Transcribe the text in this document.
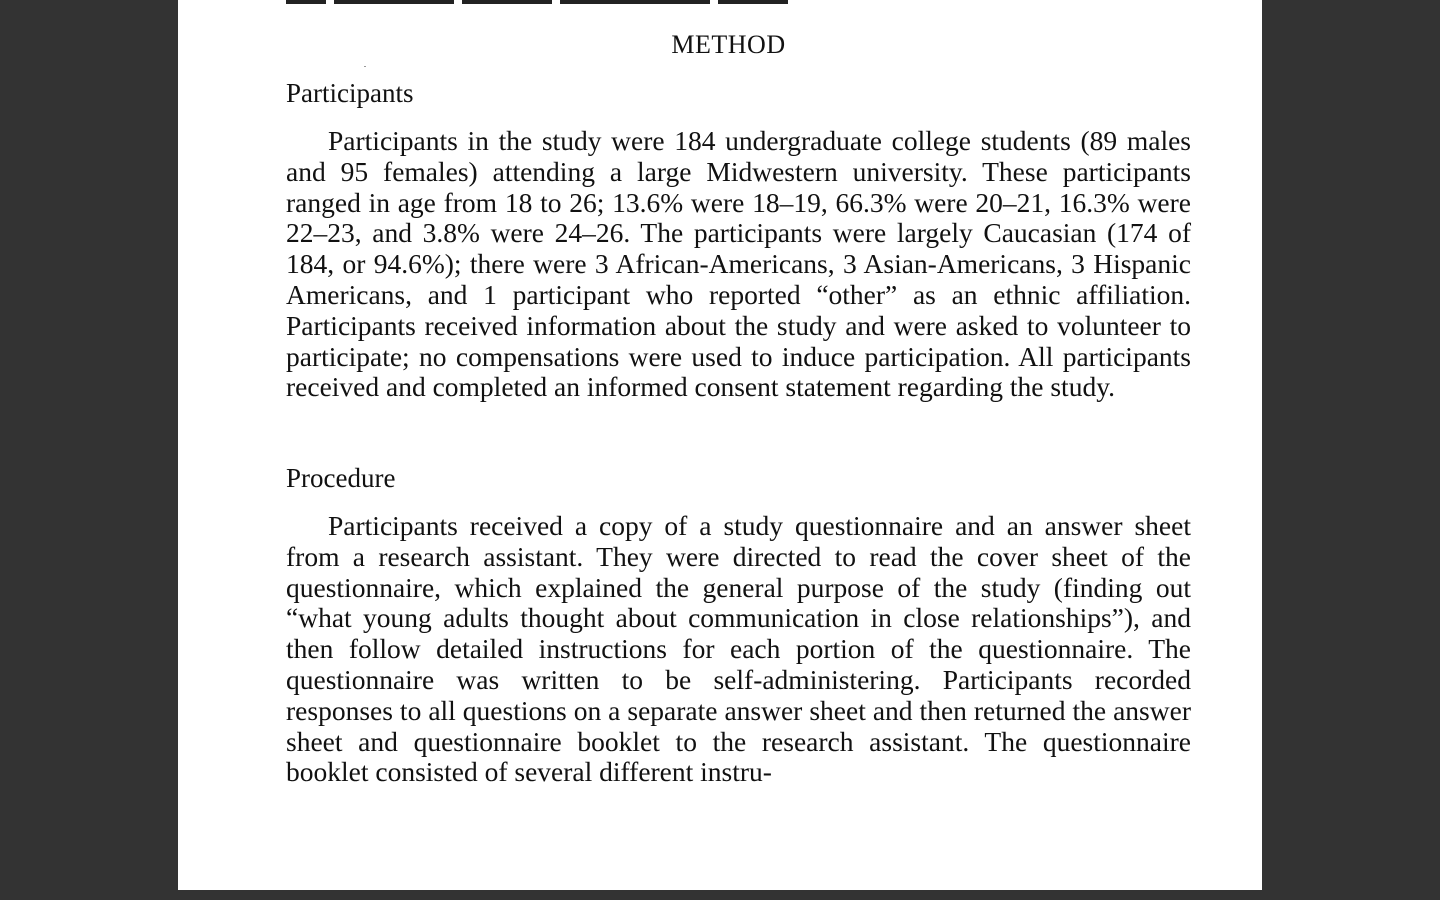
METHOD
Participants

Participants in the study were 184 undergraduate college students (89 males and 95 females) attending a large Midwestern university. These participants ranged in age from 18 to 26; 13.6% were 18–19, 66.3% were 20–21, 16.3% were 22–23, and 3.8% were 24–26. The participants were largely Caucasian (174 of 184, or 94.6%); there were 3 African-Americans, 3 Asian-Americans, 3 Hispanic Americans, and 1 participant who reported “other” as an ethnic affiliation. Participants received information about the study and were asked to volunteer to participate; no compensations were used to induce participation. All participants received and completed an informed consent statement regarding the study.

Procedure

Participants received a copy of a study questionnaire and an answer sheet from a research assistant. They were directed to read the cover sheet of the questionnaire, which explained the general purpose of the study (finding out “what young adults thought about communication in close relationships”), and then follow detailed instructions for each portion of the questionnaire. The questionnaire was written to be self-administering. Participants recorded responses to all questions on a separate answer sheet and then returned the answer sheet and questionnaire booklet to the research assistant. The questionnaire booklet consisted of several different instru-
